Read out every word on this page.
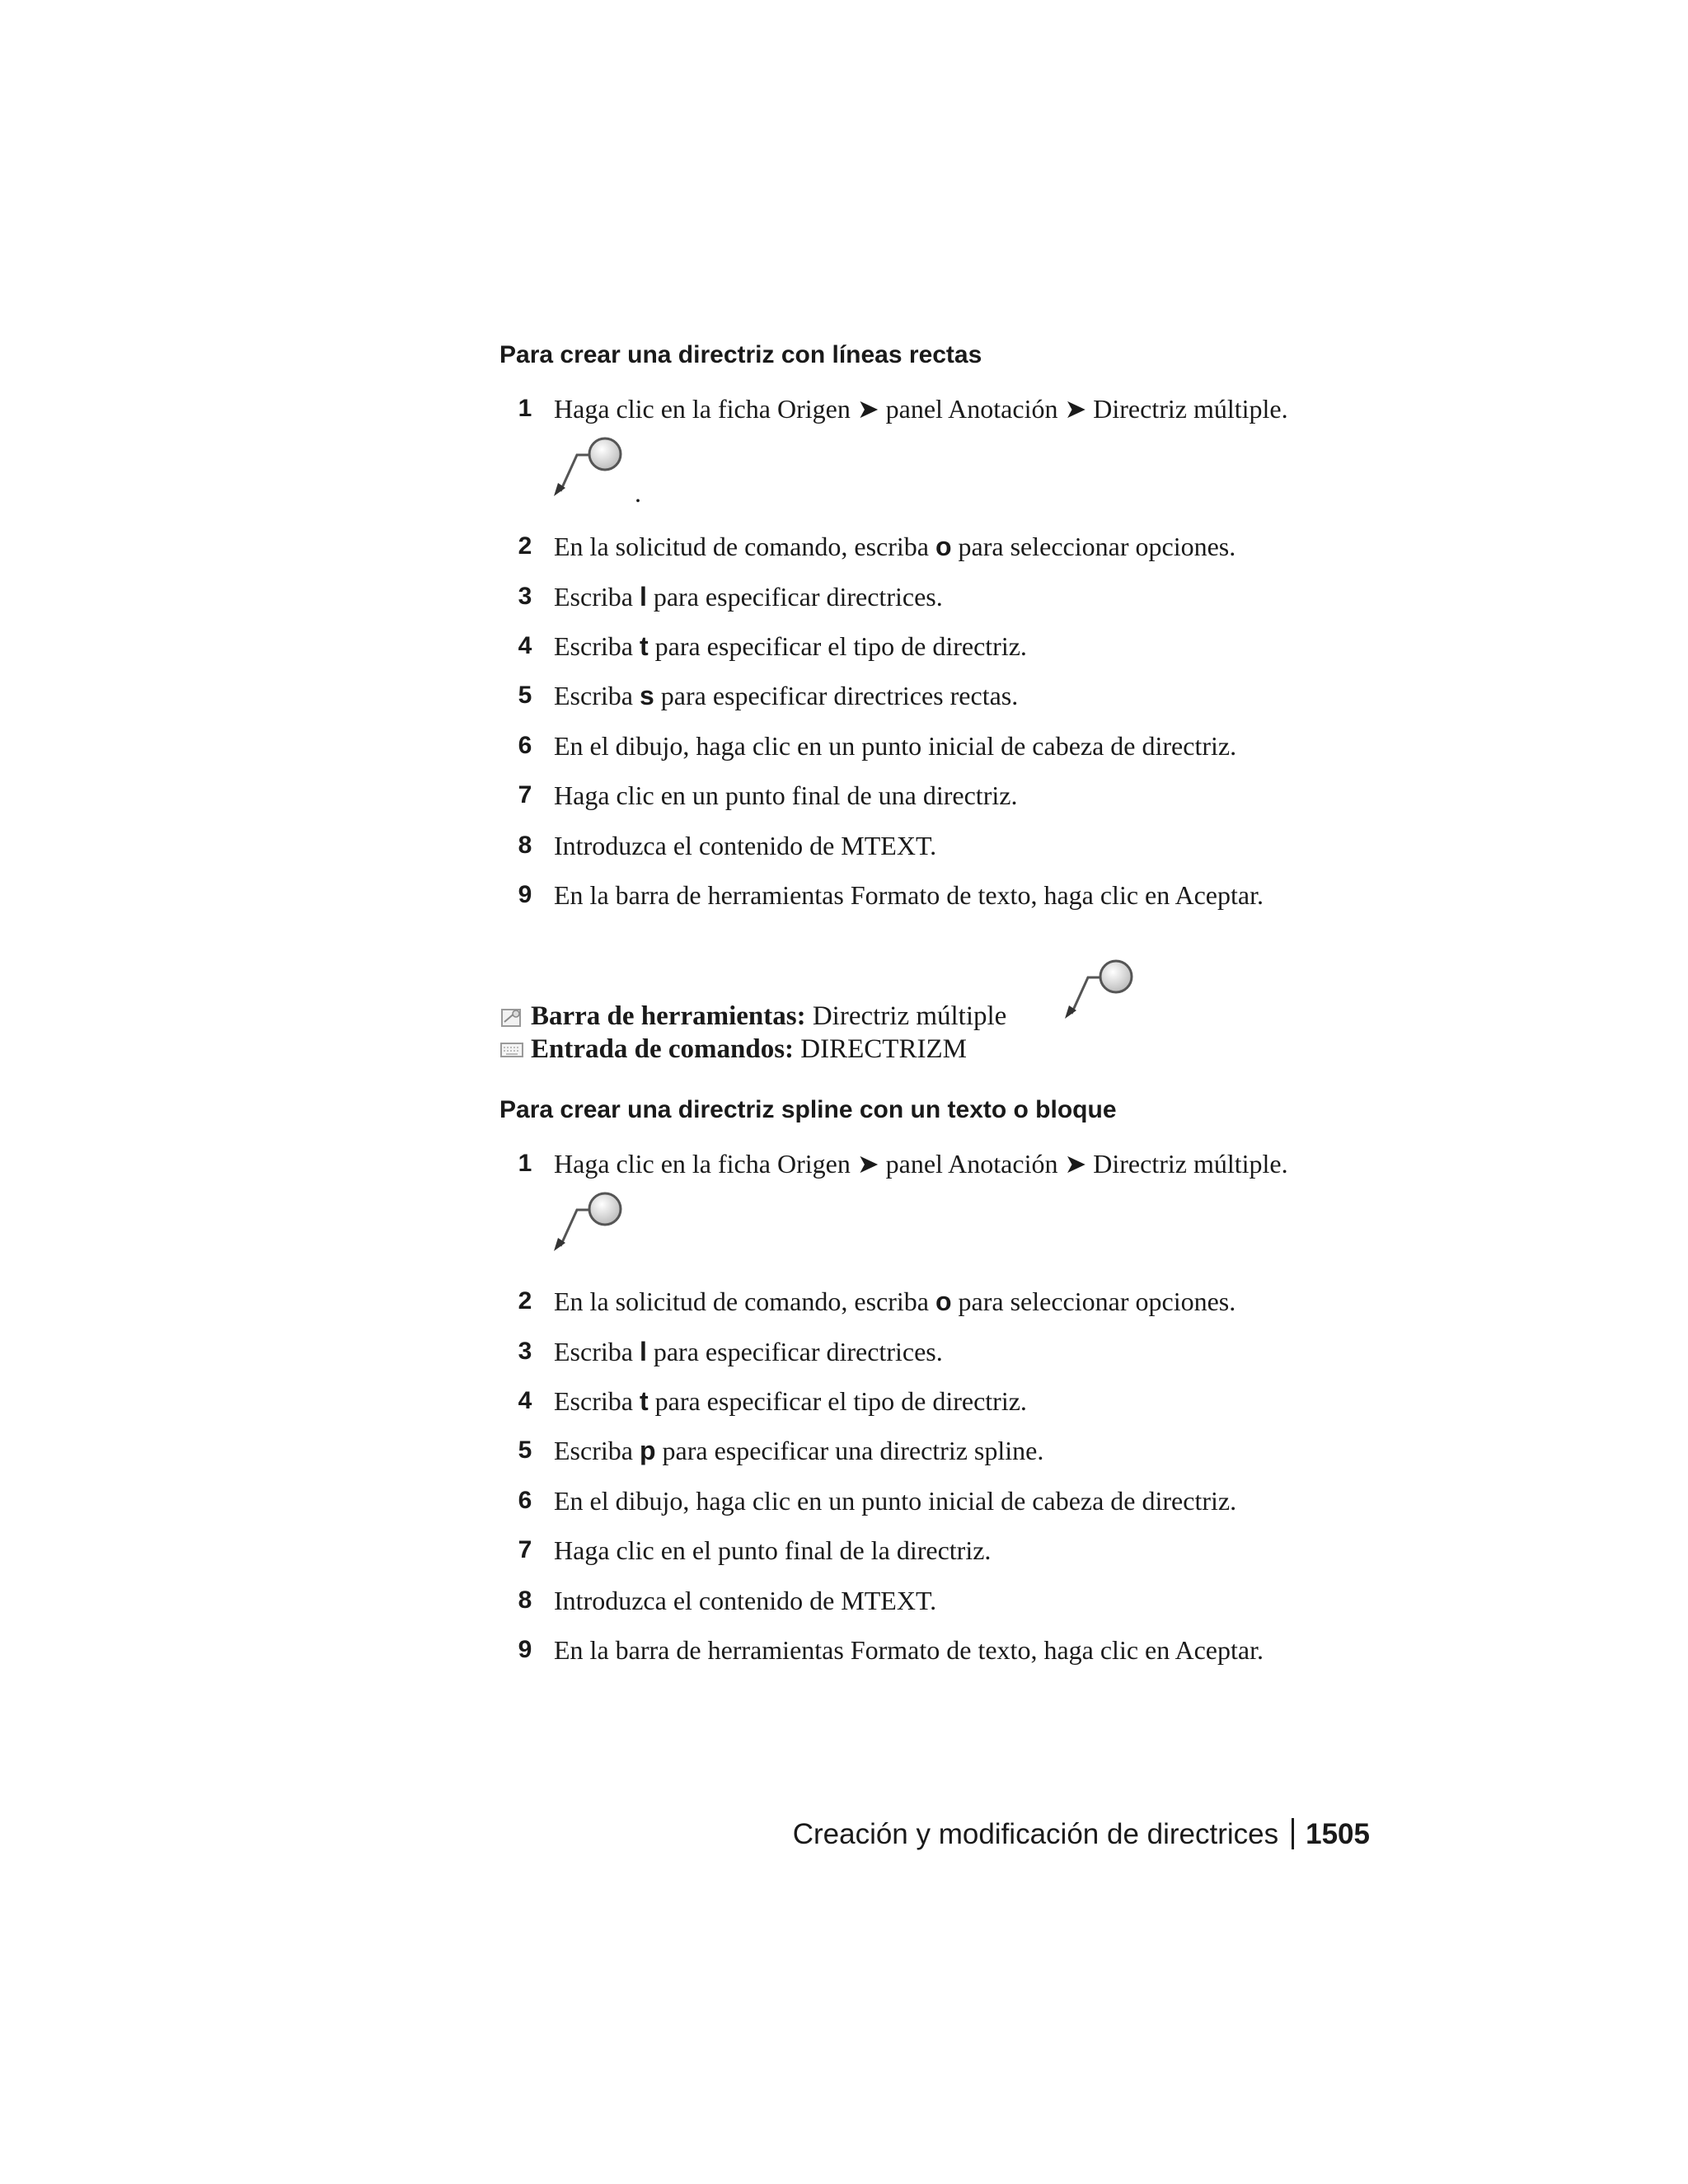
Para crear una directriz con líneas rectas
1 Haga clic en la ficha Origen ➤ panel Anotación ➤ Directriz múltiple.
.
2 En la solicitud de comando, escriba o para seleccionar opciones.
3 Escriba l para especificar directrices.
4 Escriba t para especificar el tipo de directriz.
5 Escriba s para especificar directrices rectas.
6 En el dibujo, haga clic en un punto inicial de cabeza de directriz.
7 Haga clic en un punto final de una directriz.
8 Introduzca el contenido de MTEXT.
9 En la barra de herramientas Formato de texto, haga clic en Aceptar.
Barra de herramientas: Directriz múltiple
Entrada de comandos: DIRECTRIZM
Para crear una directriz spline con un texto o bloque
1 Haga clic en la ficha Origen ➤ panel Anotación ➤ Directriz múltiple.
2 En la solicitud de comando, escriba o para seleccionar opciones.
3 Escriba l para especificar directrices.
4 Escriba t para especificar el tipo de directriz.
5 Escriba p para especificar una directriz spline.
6 En el dibujo, haga clic en un punto inicial de cabeza de directriz.
7 Haga clic en el punto final de la directriz.
8 Introduzca el contenido de MTEXT.
9 En la barra de herramientas Formato de texto, haga clic en Aceptar.
Creación y modificación de directrices 1505
